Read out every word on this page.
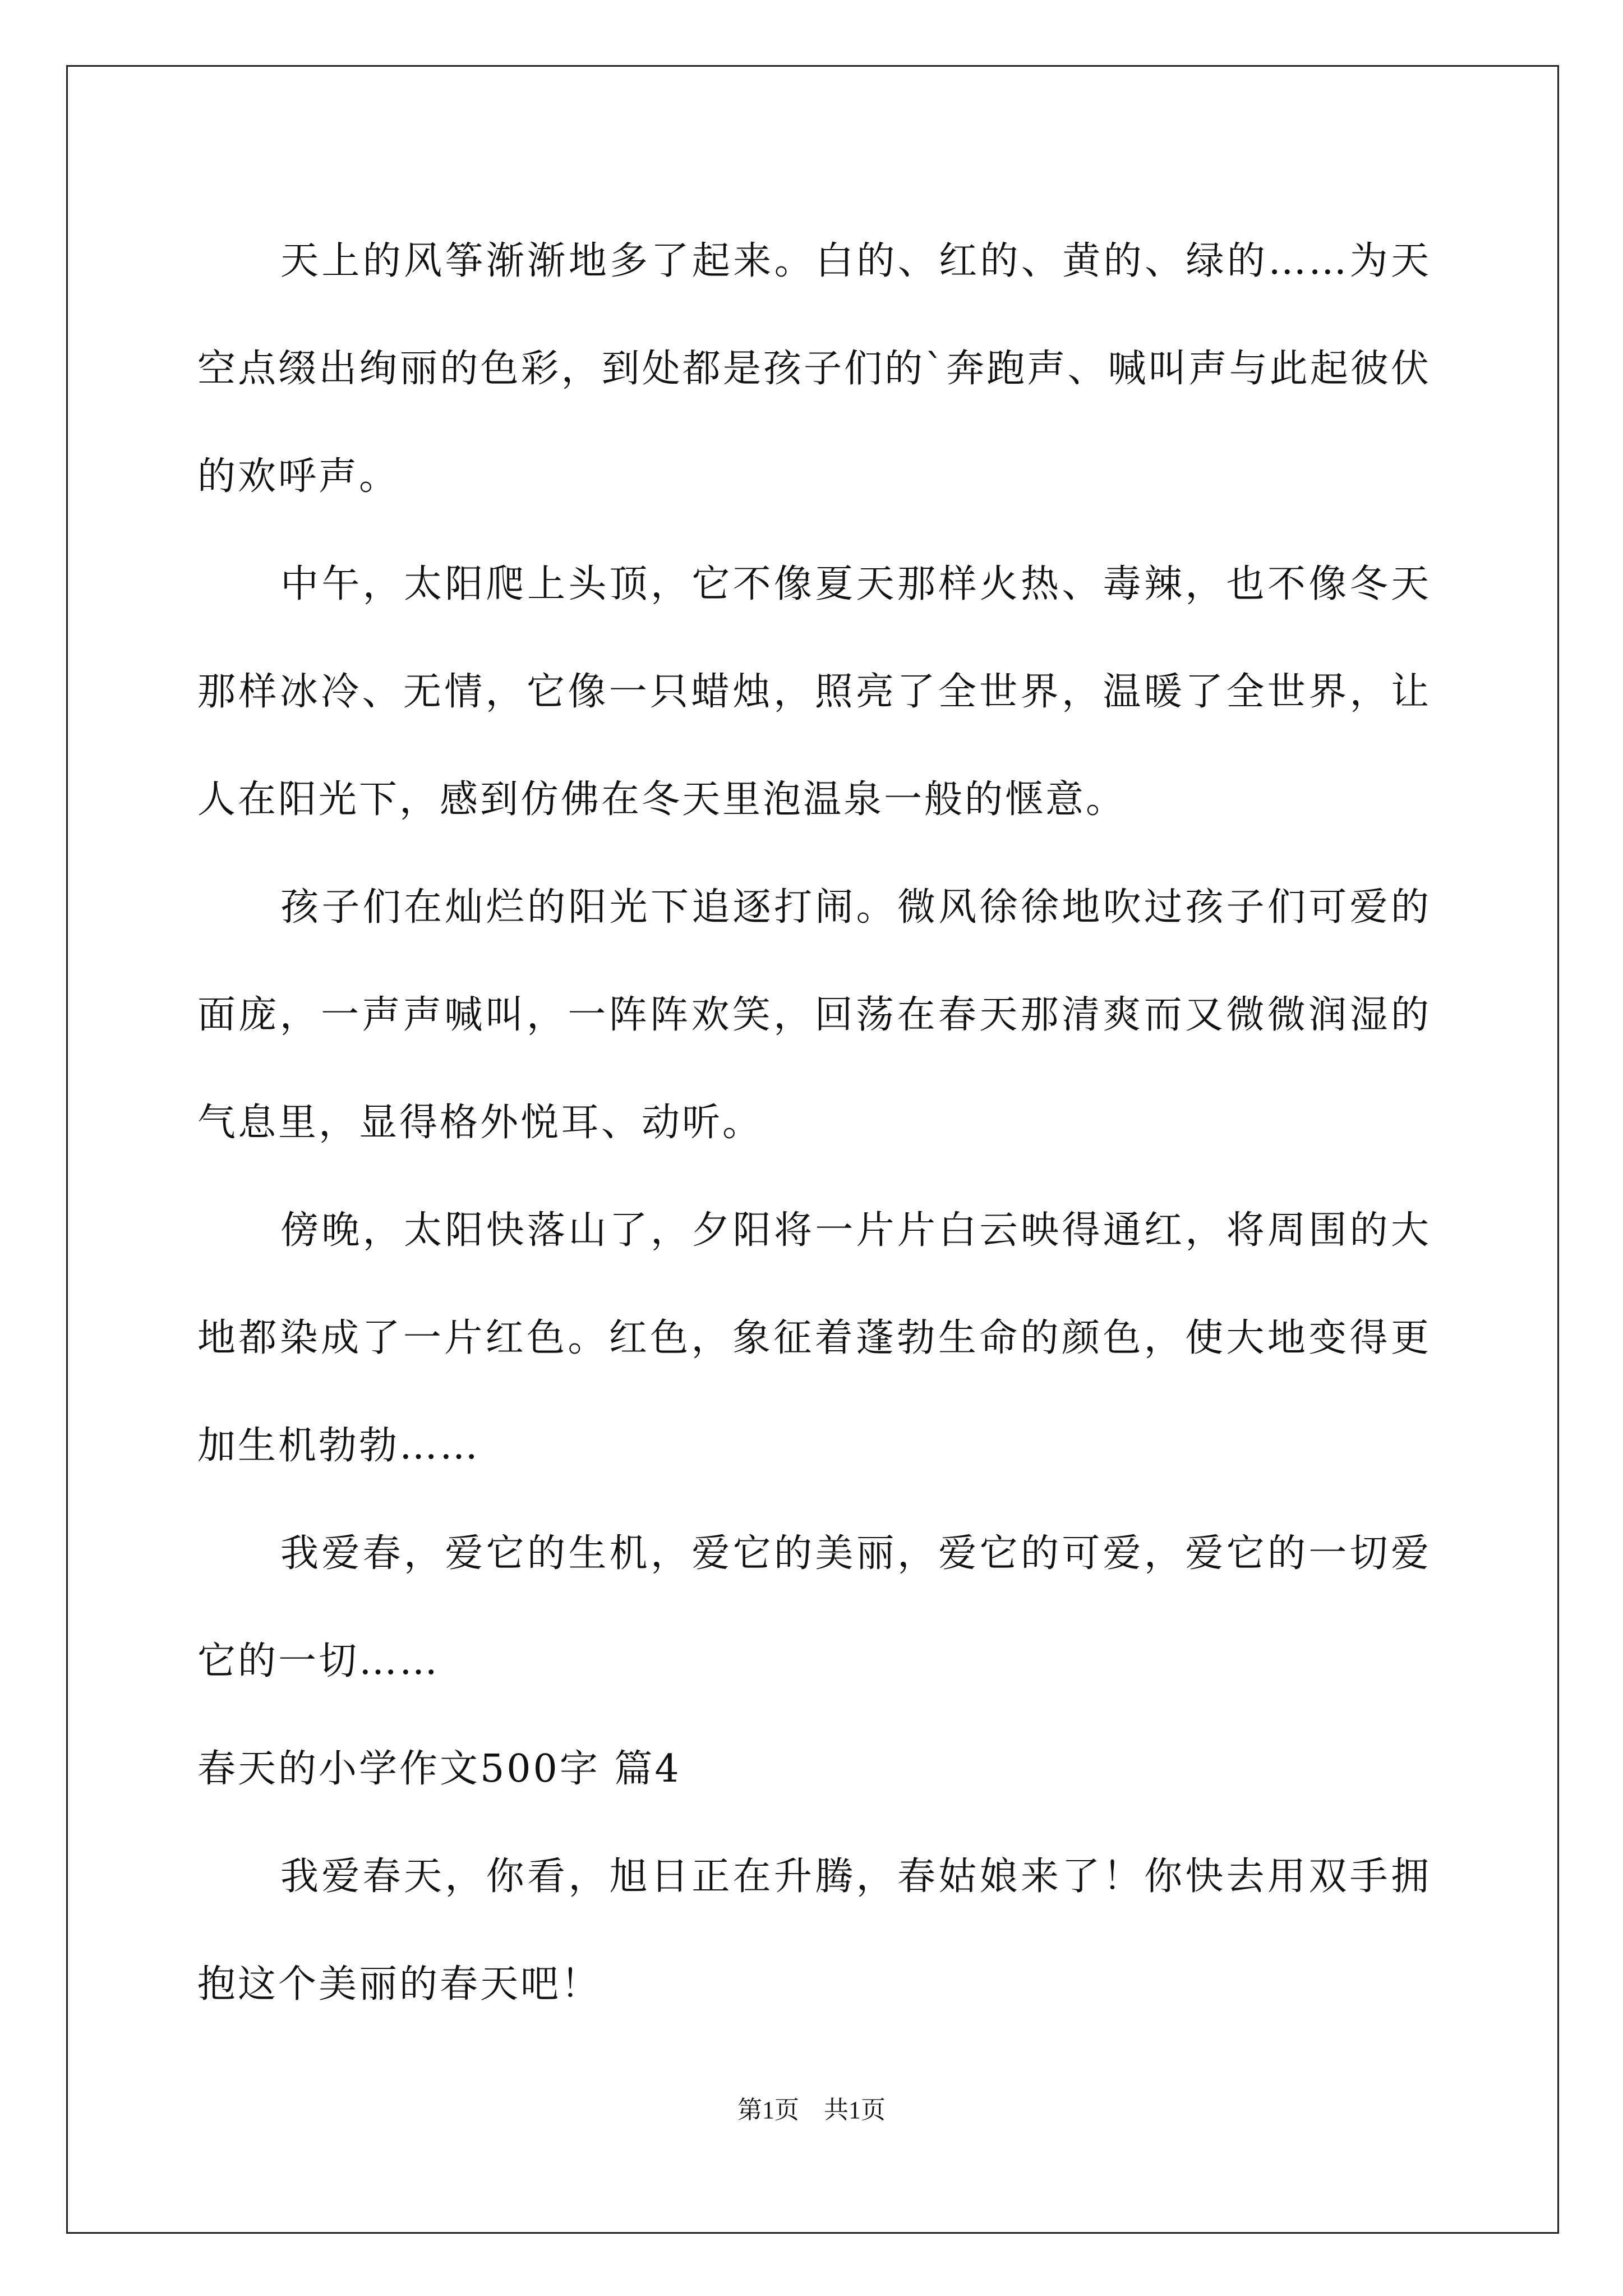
天上的风筝渐渐地多了起来。白的、红的、黄的、绿的……为天空点缀出绚丽的色彩，到处都是孩子们的`奔跑声、喊叫声与此起彼伏的欢呼声。

中午，太阳爬上头顶，它不像夏天那样火热、毒辣，也不像冬天那样冰冷、无情，它像一只蜡烛，照亮了全世界，温暖了全世界，让人在阳光下，感到仿佛在冬天里泡温泉一般的惬意。

孩子们在灿烂的阳光下追逐打闹。微风徐徐地吹过孩子们可爱的面庞，一声声喊叫，一阵阵欢笑，回荡在春天那清爽而又微微润湿的气息里，显得格外悦耳、动听。

傍晚，太阳快落山了，夕阳将一片片白云映得通红，将周围的大地都染成了一片红色。红色，象征着蓬勃生命的颜色，使大地变得更加生机勃勃……

我爱春，爱它的生机，爱它的美丽，爱它的可爱，爱它的一切爱它的一切……

春天的小学作文500字 篇4

我爱春天，你看，旭日正在升腾，春姑娘来了！你快去用双手拥抱这个美丽的春天吧！

第1页　共1页
